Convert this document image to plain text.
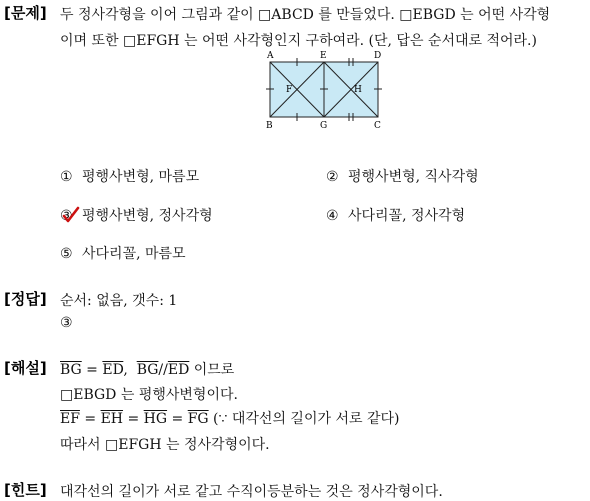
[문제] 두 정사각형을 이어 그림과 같이 □ABCD 를 만들었다. □EBGD 는 어떤 사각형
이며 또한 □EFGH 는 어떤 사각형인지 구하여라. (단, 답은 순서대로 적어라.)
A	E	D
F	H
B	G	C
① 평행사변형, 마름모	② 평행사변형, 직사각형
③ 평행사변형, 정사각형	④ 사다리꼴, 정사각형
⑤ 사다리꼴, 마름모
[정답] 순서: 없음, 갯수: 1
③
[해설] $\overline{BG} = \overline{ED}$,  $\overline{BG}//\overline{ED}$ 이므로
□EBGD 는 평행사변형이다.
$\overline{EF} = \overline{EH} = \overline{HG} = \overline{FG}$ (∵ 대각선의 길이가 서로 같다)
따라서 □EFGH 는 정사각형이다.
[힌트] 대각선의 길이가 서로 같고 수직이등분하는 것은 정사각형이다.
